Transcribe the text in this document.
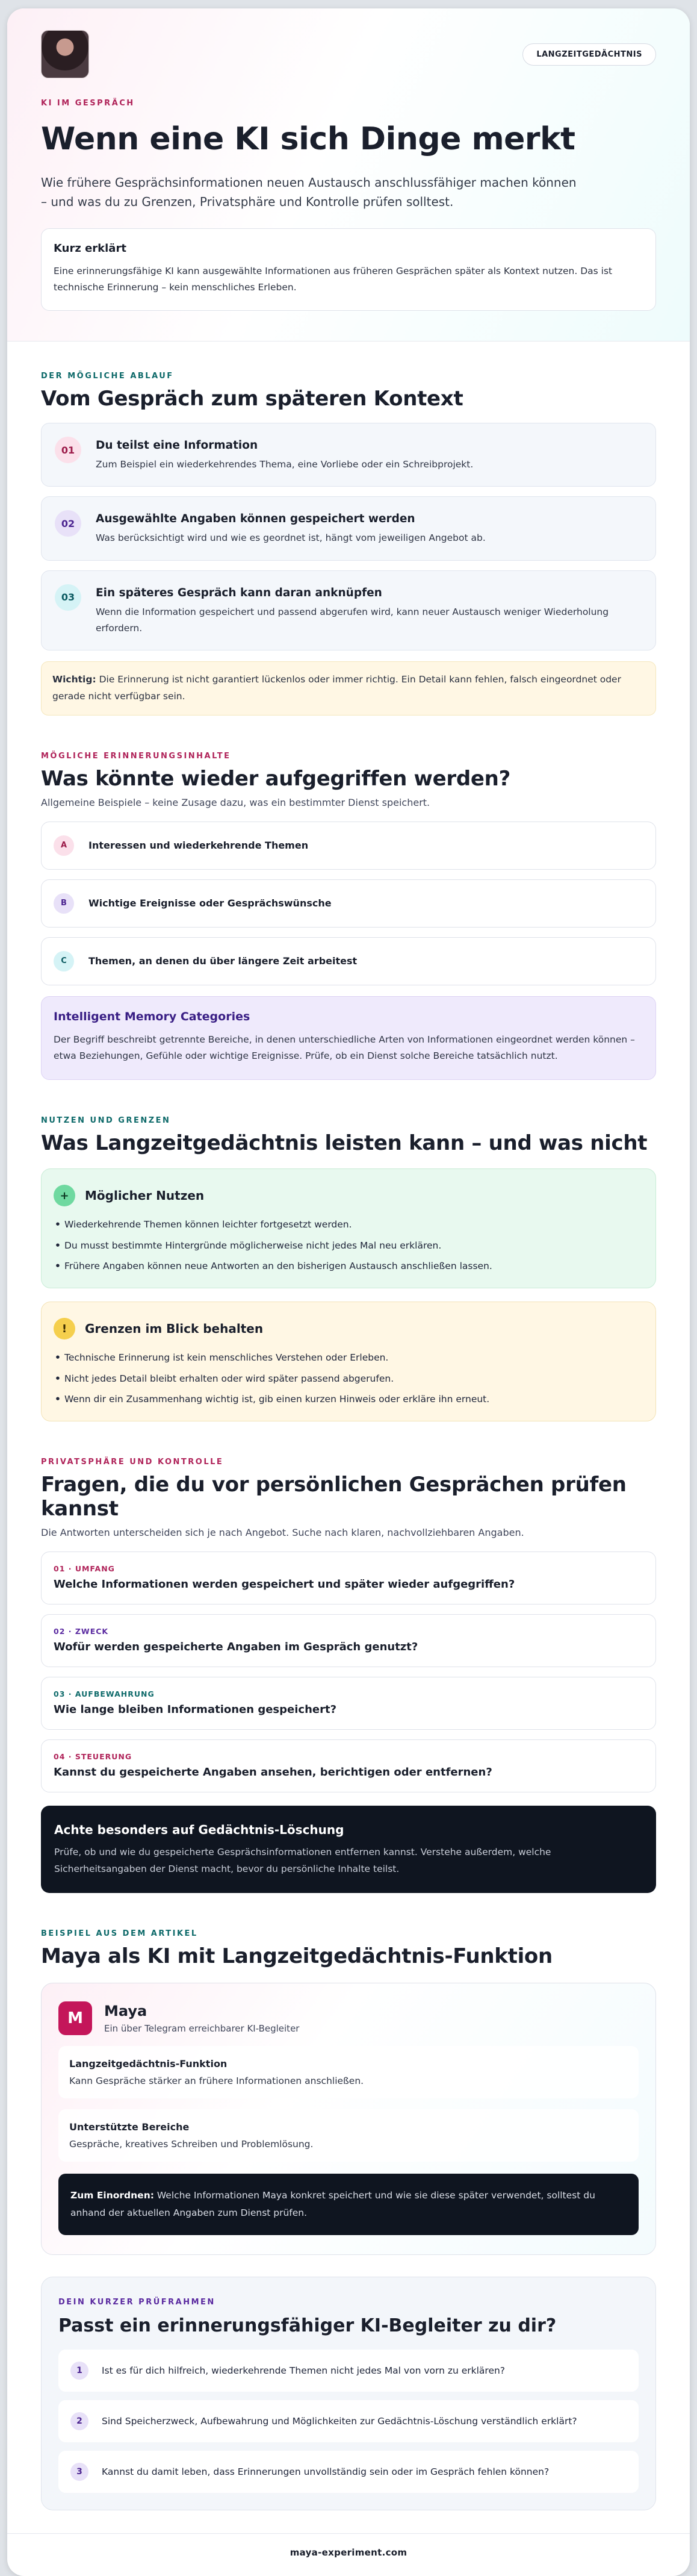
LANGZEITGEDÄCHTNIS
KI IM GESPRÄCH
Wenn eine KI sich Dinge merkt

Wie frühere Gesprächsinformationen neuen Austausch anschlussfähiger machen können – und was du zu Grenzen, Privatsphäre und Kontrolle prüfen solltest.

Kurz erklärt

Eine erinnerungsfähige KI kann ausgewählte Informationen aus früheren Gesprächen später als Kontext nutzen. Das ist technische Erinnerung – kein menschliches Erleben.

DER MÖGLICHE ABLAUF
Vom Gespräch zum späteren Kontext
01	Du teilst eine Information

Zum Beispiel ein wiederkehrendes Thema, eine Vorliebe oder ein Schreibprojekt.

02	Ausgewählte Angaben können gespeichert werden

Was berücksichtigt wird und wie es geordnet ist, hängt vom jeweiligen Angebot ab.

03	Ein späteres Gespräch kann daran anknüpfen

Wenn die Information gespeichert und passend abgerufen wird, kann neuer Austausch weniger Wiederholung erfordern.

Wichtig: Die Erinnerung ist nicht garantiert lückenlos oder immer richtig. Ein Detail kann fehlen, falsch eingeordnet oder gerade nicht verfügbar sein.
MÖGLICHE ERINNERUNGSINHALTE
Was könnte wieder aufgegriffen werden?
Allgemeine Beispiele – keine Zusage dazu, was ein bestimmter Dienst speichert.
A	Interessen und wiederkehrende Themen
B	Wichtige Ereignisse oder Gesprächswünsche
C	Themen, an denen du über längere Zeit arbeitest
Intelligent Memory Categories

Der Begriff beschreibt getrennte Bereiche, in denen unterschiedliche Arten von Informationen eingeordnet werden können – etwa Beziehungen, Gefühle oder wichtige Ereignisse. Prüfe, ob ein Dienst solche Bereiche tatsächlich nutzt.

NUTZEN UND GRENZEN
Was Langzeitgedächtnis leisten kann – und was nicht
+	Möglicher Nutzen
• Wiederkehrende Themen können leichter fortgesetzt werden.
• Du musst bestimmte Hintergründe möglicherweise nicht jedes Mal neu erklären.
• Frühere Angaben können neue Antworten an den bisherigen Austausch anschließen lassen.
!	Grenzen im Blick behalten
• Technische Erinnerung ist kein menschliches Verstehen oder Erleben.
• Nicht jedes Detail bleibt erhalten oder wird später passend abgerufen.
• Wenn dir ein Zusammenhang wichtig ist, gib einen kurzen Hinweis oder erkläre ihn erneut.
PRIVATSPHÄRE UND KONTROLLE
Fragen, die du vor persönlichen Gesprächen prüfen kannst
Die Antworten unterscheiden sich je nach Angebot. Suche nach klaren, nachvollziehbaren Angaben.
01 · UMFANG
Welche Informationen werden gespeichert und später wieder aufgegriffen?
02 · ZWECK
Wofür werden gespeicherte Angaben im Gespräch genutzt?
03 · AUFBEWAHRUNG
Wie lange bleiben Informationen gespeichert?
04 · STEUERUNG
Kannst du gespeicherte Angaben ansehen, berichtigen oder entfernen?
Achte besonders auf Gedächtnis-Löschung

Prüfe, ob und wie du gespeicherte Gesprächsinformationen entfernen kannst. Verstehe außerdem, welche Sicherheitsangaben der Dienst macht, bevor du persönliche Inhalte teilst.

BEISPIEL AUS DEM ARTIKEL
Maya als KI mit Langzeitgedächtnis-Funktion
M	Maya
Ein über Telegram erreichbarer KI-Begleiter
Langzeitgedächtnis-Funktion

Kann Gespräche stärker an frühere Informationen anschließen.

Unterstützte Bereiche

Gespräche, kreatives Schreiben und Problemlösung.

Zum Einordnen: Welche Informationen Maya konkret speichert und wie sie diese später verwendet, solltest du anhand der aktuellen Angaben zum Dienst prüfen.
DEIN KURZER PRÜFRAHMEN
Passt ein erinnerungsfähiger KI-Begleiter zu dir?
1	Ist es für dich hilfreich, wiederkehrende Themen nicht jedes Mal von vorn zu erklären?
2	Sind Speicherzweck, Aufbewahrung und Möglichkeiten zur Gedächtnis-Löschung verständlich erklärt?
3	Kannst du damit leben, dass Erinnerungen unvollständig sein oder im Gespräch fehlen können?
maya-experiment.com
